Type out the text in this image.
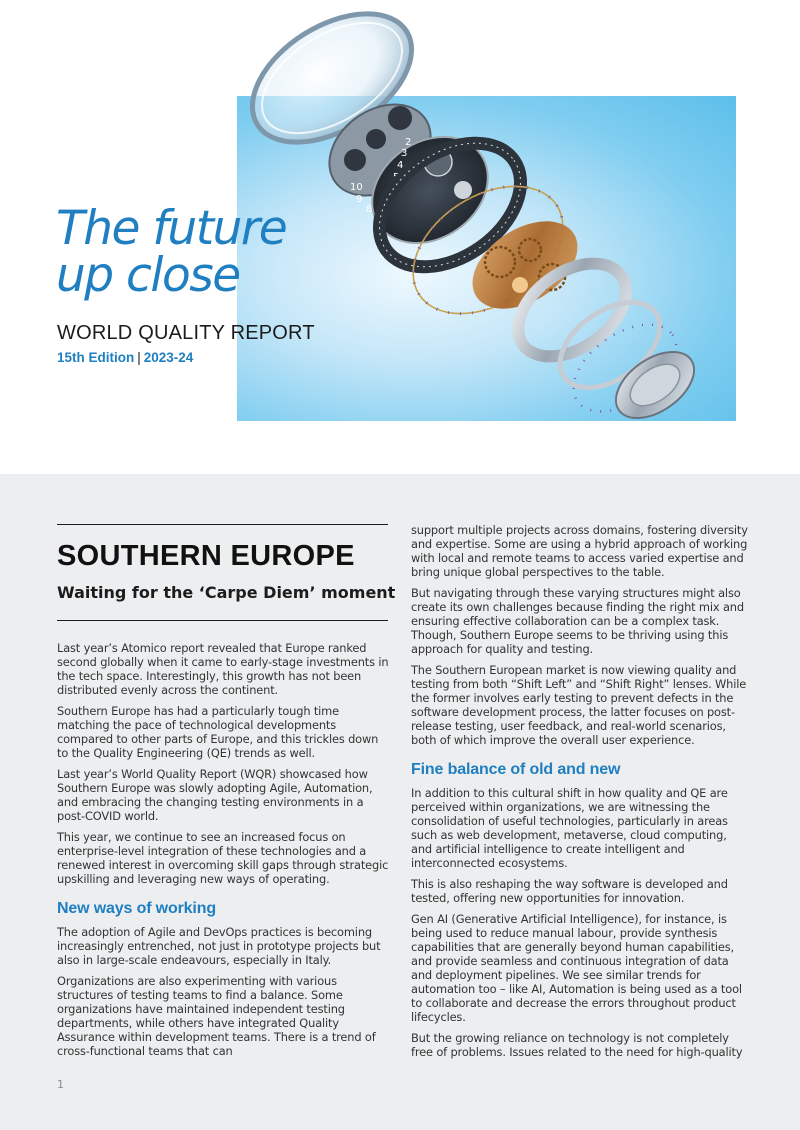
10
9
8 7
6
5
4
3
2
The future
up close
WORLD QUALITY REPORT
15th Edition | 2023-24
SOUTHERN EUROPE
Waiting for the ‘Carpe Diem’ moment

Last year’s Atomico report revealed that Europe ranked second globally when it came to early-stage investments in the tech space. Interestingly, this growth has not been distributed evenly across the continent.

Southern Europe has had a particularly tough time matching the pace of technological developments compared to other parts of Europe, and this trickles down to the Quality Engineering (QE) trends as well.

Last year’s World Quality Report (WQR) showcased how Southern Europe was slowly adopting Agile, Automation, and embracing the changing testing environments in a post-COVID world.

This year, we continue to see an increased focus on enterprise-level integration of these technologies and a renewed interest in overcoming skill gaps through strategic upskilling and leveraging new ways of operating.

New ways of working

The adoption of Agile and DevOps practices is becoming increasingly entrenched, not just in prototype projects but also in large-scale endeavours, especially in Italy.

Organizations are also experimenting with various structures of testing teams to find a balance. Some organizations have maintained independent testing departments, while others have integrated Quality Assurance within development teams. There is a trend of cross-functional teams that can

support multiple projects across domains, fostering diversity and expertise. Some are using a hybrid approach of working with local and remote teams to access varied expertise and bring unique global perspectives to the table.

But navigating through these varying structures might also create its own challenges because finding the right mix and ensuring effective collaboration can be a complex task. Though, Southern Europe seems to be thriving using this approach for quality and testing.

The Southern European market is now viewing quality and testing from both “Shift Left” and “Shift Right” lenses. While the former involves early testing to prevent defects in the software development process, the latter focuses on post-release testing, user feedback, and real-world scenarios, both of which improve the overall user experience.

Fine balance of old and new

In addition to this cultural shift in how quality and QE are perceived within organizations, we are witnessing the consolidation of useful technologies, particularly in areas such as web development, metaverse, cloud computing, and artificial intelligence to create intelligent and interconnected ecosystems.

This is also reshaping the way software is developed and tested, offering new opportunities for innovation.

Gen AI (Generative Artificial Intelligence), for instance, is being used to reduce manual labour, provide synthesis capabilities that are generally beyond human capabilities, and provide seamless and continuous integration of data and deployment pipelines. We see similar trends for automation too – like AI, Automation is being used as a tool to collaborate and decrease the errors throughout product lifecycles.

But the growing reliance on technology is not completely free of problems. Issues related to the need for high-quality

1
